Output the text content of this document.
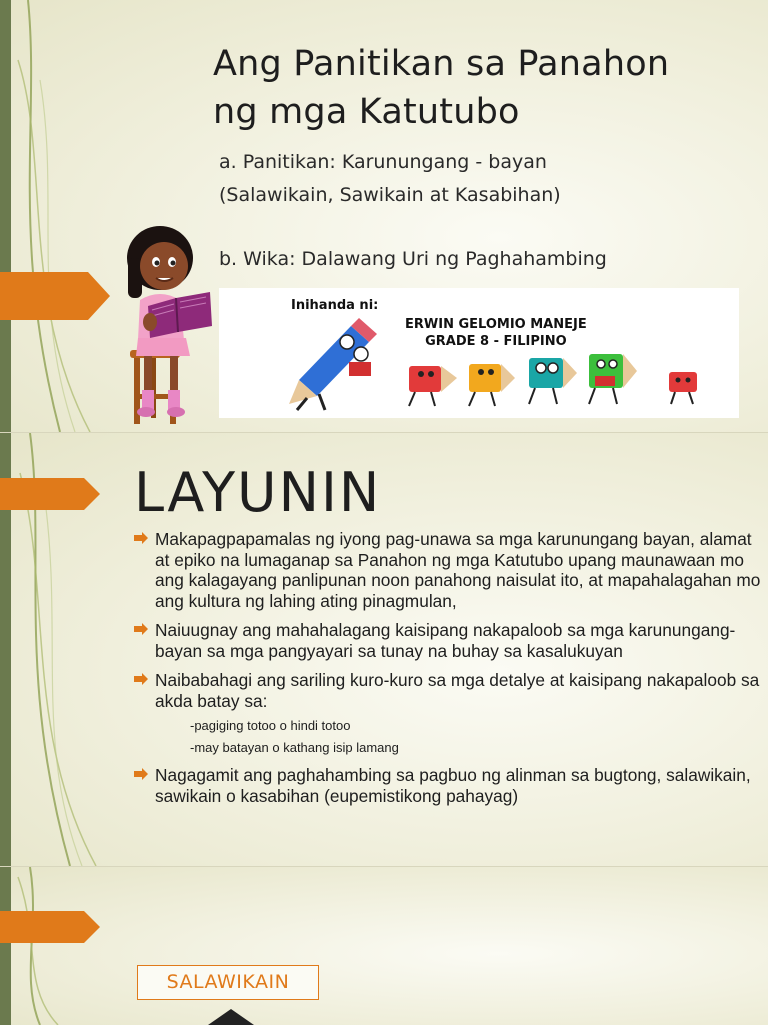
Ang Panitikan sa Panahon
ng mga Katutubo

a. Panitikan: Karunungang - bayan

(Salawikain, Sawikain at Kasabihan)

b. Wika: Dalawang Uri ng Paghahambing

Inihanda ni:
ERWIN GELOMIO MANEJE
GRADE 8 - FILIPINO
LAYUNIN
Makapagpapamalas ng iyong pag-unawa sa mga karunungang bayan, alamat at epiko na lumaganap sa Panahon ng mga Katutubo upang maunawaan mo ang kalagayang panlipunan noon panahong naisulat ito, at mapahalagahan mo ang kultura ng lahing ating pinagmulan,
Naiuugnay ang mahahalagang kaisipang nakapaloob sa mga karunungang-bayan sa mga pangyayari sa tunay na buhay sa kasalukuyan
Naibabahagi ang sariling kuro-kuro sa mga detalye at kaisipang nakapaloob sa akda batay sa:
-pagiging totoo o hindi totoo
-may batayan o kathang isip lamang
Nagagamit ang paghahambing sa pagbuo ng alinman sa bugtong, salawikain, sawikain o kasabihan (eupemistikong pahayag)
SALAWIKAIN
